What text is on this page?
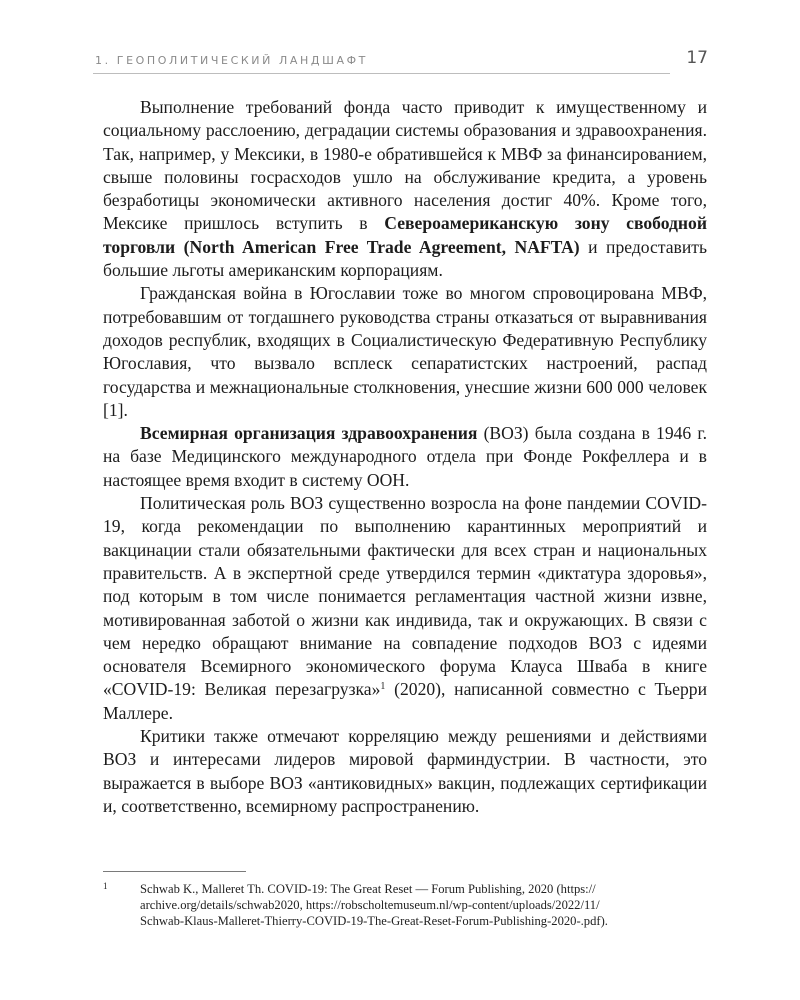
1. ГЕОПОЛИТИЧЕСКИЙ ЛАНДШАФТ	17

Выполнение требований фонда часто приводит к имущественному и социальному расслоению, деградации системы образования и здравоохранения. Так, например, у Мексики, в 1980-е обратившейся к МВФ за финансированием, свыше половины госрасходов ушло на обслуживание кредита, а уровень безработицы экономически активного населения достиг 40%. Кроме того, Мексике пришлось вступить в Североамериканскую зону свободной торговли (North American Free Trade Agreement, NAFTA) и предоставить большие льготы американским корпорациям.

Гражданская война в Югославии тоже во многом спровоцирована МВФ, потребовавшим от тогдашнего руководства страны отказаться от выравнивания доходов республик, входящих в Социалистическую Федеративную Республику Югославия, что вызвало всплеск сепаратистских настроений, распад государства и межнациональные столкновения, унесшие жизни 600 000 человек [1].

Всемирная организация здравоохранения (ВОЗ) была создана в 1946 г. на базе Медицинского международного отдела при Фонде Рокфеллера и в настоящее время входит в систему ООН.

Политическая роль ВОЗ существенно возросла на фоне пандемии COVID-19, когда рекомендации по выполнению карантинных мероприятий и вакцинации стали обязательными фактически для всех стран и национальных правительств. А в экспертной среде утвердился термин «диктатура здоровья», под которым в том числе понимается регламентация частной жизни извне, мотивированная заботой о жизни как индивида, так и окружающих. В связи с чем нередко обращают внимание на совпадение подходов ВОЗ с идеями основателя Всемирного экономического форума Клауса Шваба в книге «COVID-19: Великая перезагрузка»$^1$ (2020), написанной совместно с Тьерри Маллере.

Критики также отмечают корреляцию между решениями и действиями ВОЗ и интересами лидеров мировой фарминдустрии. В частности, это выражается в выборе ВОЗ «антиковидных» вакцин, подлежащих сертификации и, соответственно, всемирному распространению.

1	Schwab K., Malleret Th. COVID-19: The Great Reset — Forum Publishing, 2020 (https://
archive.org/details/schwab2020, https://robscholtemuseum.nl/wp-content/uploads/2022/11/
Schwab-Klaus-Malleret-Thierry-COVID-19-The-Great-Reset-Forum-Publishing-2020-.pdf).
